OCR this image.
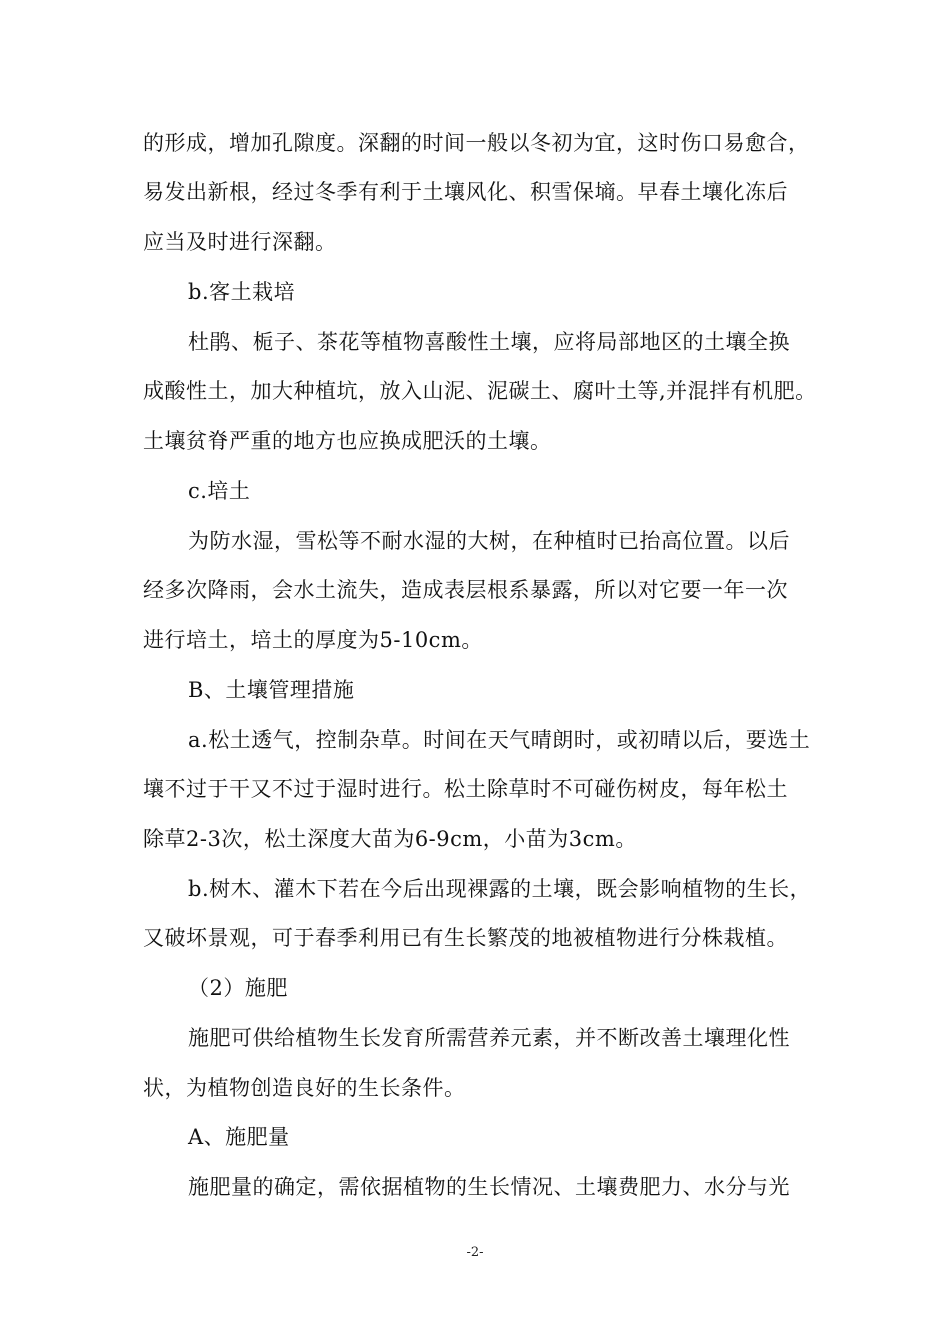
的形成，增加孔隙度。深翻的时间一般以冬初为宜，这时伤口易愈合，
易发出新根，经过冬季有利于土壤风化、积雪保墒。早春土壤化冻后
应当及时进行深翻。
b.客土栽培
杜鹃、栀子、茶花等植物喜酸性土壤，应将局部地区的土壤全换
成酸性土，加大种植坑，放入山泥、泥碳土、腐叶土等,并混拌有机肥。
土壤贫脊严重的地方也应换成肥沃的土壤。
c.培土
为防水湿，雪松等不耐水湿的大树，在种植时已抬高位置。以后
经多次降雨，会水土流失，造成表层根系暴露，所以对它要一年一次
进行培土，培土的厚度为5-10cm。
B、土壤管理措施
a.松土透气，控制杂草。时间在天气晴朗时，或初晴以后，要选土
壤不过于干又不过于湿时进行。松土除草时不可碰伤树皮，每年松土
除草2-3次，松土深度大苗为6-9cm，小苗为3cm。
b.树木、灌木下若在今后出现裸露的土壤，既会影响植物的生长，
又破坏景观，可于春季利用已有生长繁茂的地被植物进行分株栽植。
（2）施肥
施肥可供给植物生长发育所需营养元素，并不断改善土壤理化性
状，为植物创造良好的生长条件。
A、施肥量
施肥量的确定，需依据植物的生长情况、土壤费肥力、水分与光
-2-
